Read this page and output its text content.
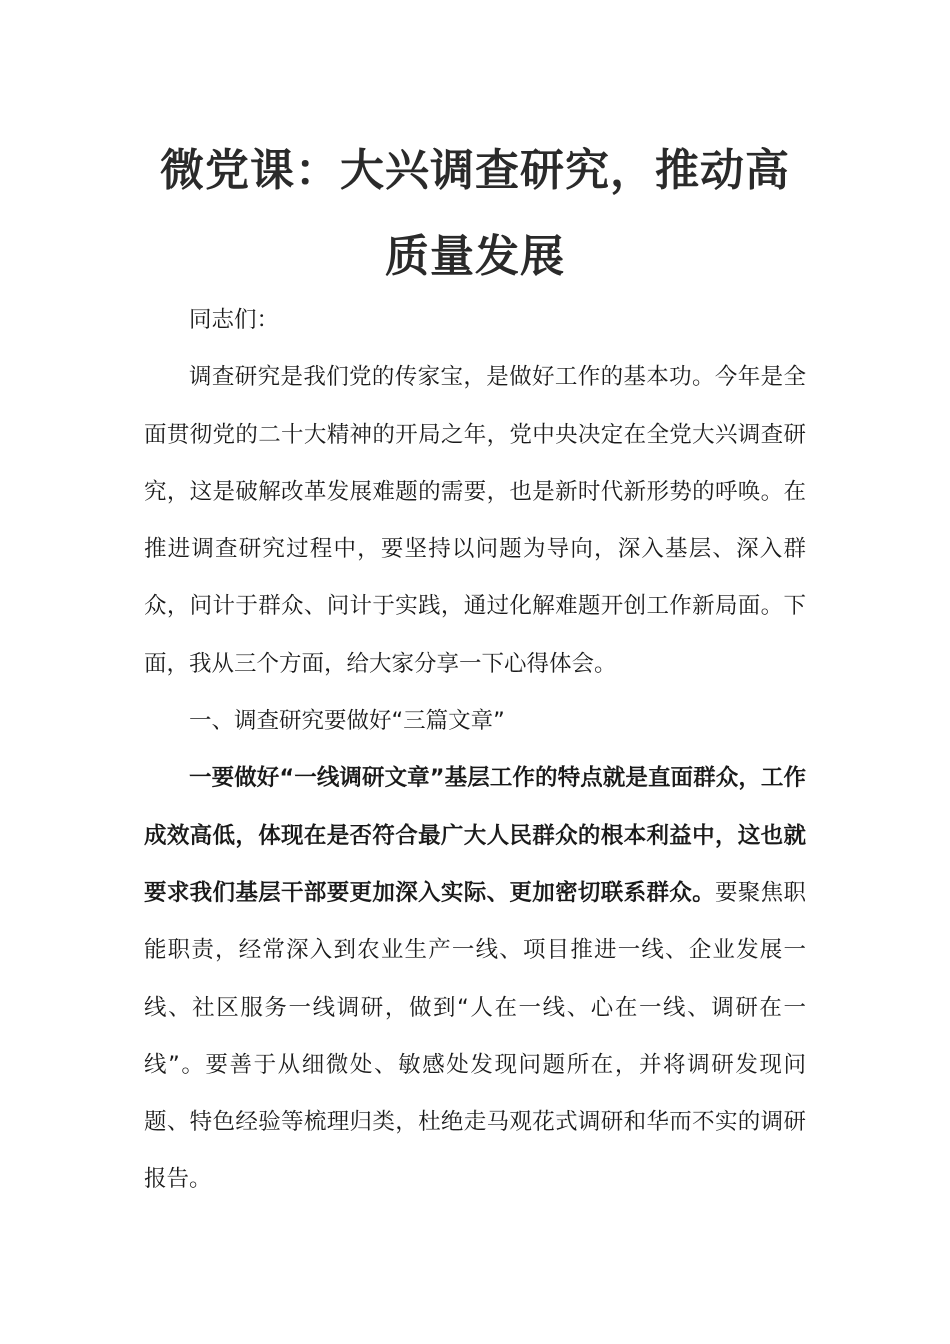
微党课：大兴调查研究，推动高
质量发展

同志们：

调查研究是我们党的传家宝，是做好工作的基本功。今年是全面贯彻党的二十大精神的开局之年，党中央决定在全党大兴调查研究，这是破解改革发展难题的需要，也是新时代新形势的呼唤。在推进调查研究过程中，要坚持以问题为导向，深入基层、深入群众，问计于群众、问计于实践，通过化解难题开创工作新局面。下面，我从三个方面，给大家分享一下心得体会。

一、调查研究要做好“三篇文章”

一要做好“一线调研文章”基层工作的特点就是直面群众，工作成效高低，体现在是否符合最广大人民群众的根本利益中，这也就要求我们基层干部要更加深入实际、更加密切联系群众。要聚焦职能职责，经常深入到农业生产一线、项目推进一线、企业发展一线、社区服务一线调研，做到“人在一线、心在一线、调研在一线”。要善于从细微处、敏感处发现问题所在，并将调研发现问题、特色经验等梳理归类，杜绝走马观花式调研和华而不实的调研报告。
